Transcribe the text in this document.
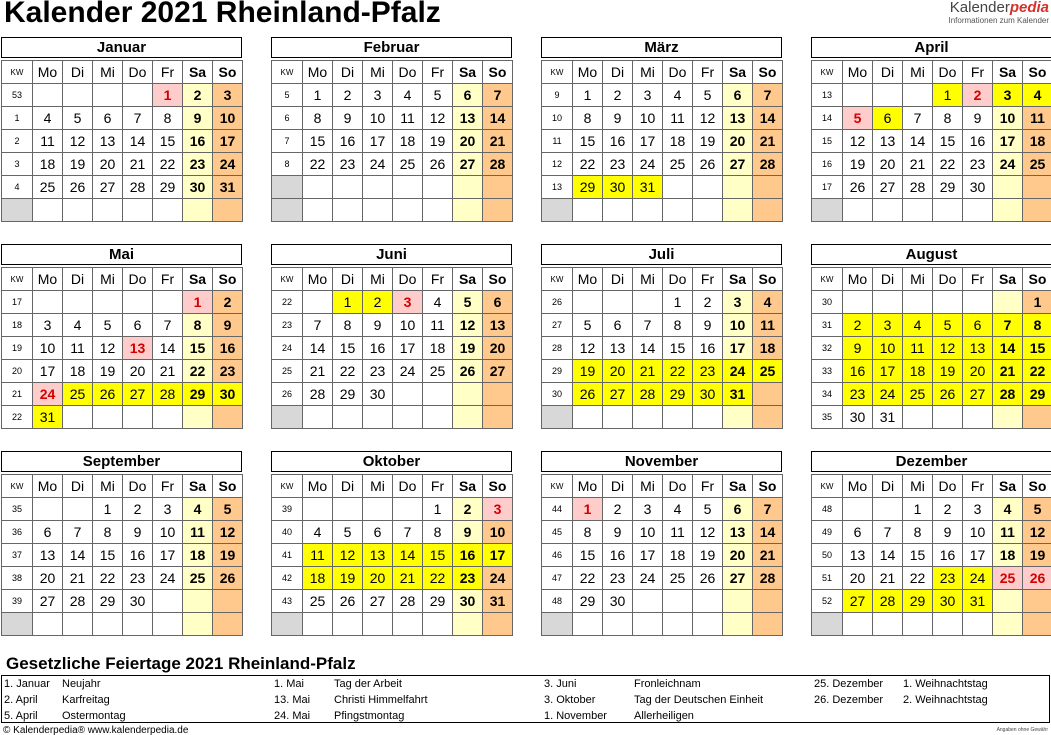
Kalender 2021 Rheinland-Pfalz	Kalenderpedia
Informationen zum Kalender
Januar
KW	Mo	Di	Mi	Do	Fr	Sa	So
53					1	2	3
1	4	5	6	7	8	9	10
2	11	12	13	14	15	16	17
3	18	19	20	21	22	23	24
4	25	26	27	28	29	30	31

Februar
KW	Mo	Di	Mi	Do	Fr	Sa	So
5	1	2	3	4	5	6	7
6	8	9	10	11	12	13	14
7	15	16	17	18	19	20	21
8	22	23	24	25	26	27	28

März
KW	Mo	Di	Mi	Do	Fr	Sa	So
9	1	2	3	4	5	6	7
10	8	9	10	11	12	13	14
11	15	16	17	18	19	20	21
12	22	23	24	25	26	27	28
13	29	30	31				

April
KW	Mo	Di	Mi	Do	Fr	Sa	So
13				1	2	3	4
14	5	6	7	8	9	10	11
15	12	13	14	15	16	17	18
16	19	20	21	22	23	24	25
17	26	27	28	29	30		

Mai
KW	Mo	Di	Mi	Do	Fr	Sa	So
17						1	2
18	3	4	5	6	7	8	9
19	10	11	12	13	14	15	16
20	17	18	19	20	21	22	23
21	24	25	26	27	28	29	30
22	31						
Juni
KW	Mo	Di	Mi	Do	Fr	Sa	So
22		1	2	3	4	5	6
23	7	8	9	10	11	12	13
24	14	15	16	17	18	19	20
25	21	22	23	24	25	26	27
26	28	29	30				

Juli
KW	Mo	Di	Mi	Do	Fr	Sa	So
26				1	2	3	4
27	5	6	7	8	9	10	11
28	12	13	14	15	16	17	18
29	19	20	21	22	23	24	25
30	26	27	28	29	30	31	

August
KW	Mo	Di	Mi	Do	Fr	Sa	So
30							1
31	2	3	4	5	6	7	8
32	9	10	11	12	13	14	15
33	16	17	18	19	20	21	22
34	23	24	25	26	27	28	29
35	30	31					
September
KW	Mo	Di	Mi	Do	Fr	Sa	So
35			1	2	3	4	5
36	6	7	8	9	10	11	12
37	13	14	15	16	17	18	19
38	20	21	22	23	24	25	26
39	27	28	29	30			

Oktober
KW	Mo	Di	Mi	Do	Fr	Sa	So
39					1	2	3
40	4	5	6	7	8	9	10
41	11	12	13	14	15	16	17
42	18	19	20	21	22	23	24
43	25	26	27	28	29	30	31

November
KW	Mo	Di	Mi	Do	Fr	Sa	So
44	1	2	3	4	5	6	7
45	8	9	10	11	12	13	14
46	15	16	17	18	19	20	21
47	22	23	24	25	26	27	28
48	29	30					

Dezember
KW	Mo	Di	Mi	Do	Fr	Sa	So
48			1	2	3	4	5
49	6	7	8	9	10	11	12
50	13	14	15	16	17	18	19
51	20	21	22	23	24	25	26
52	27	28	29	30	31		

Gesetzliche Feiertage 2021 Rheinland-Pfalz
1. Januar Neujahr
2. April Karfreitag
5. April Ostermontag
1. Mai	Tag der Arbeit
13. Mai Christi Himmelfahrt
24. Mai Pfingstmontag
3. Juni	Fronleichnam
3. Oktober	Tag der Deutschen Einheit
1. November Allerheiligen
25. Dezember 1. Weihnachtstag
26. Dezember 2. Weihnachtstag
© Kalenderpedia® www.kalenderpedia.de	Angaben ohne Gewähr
